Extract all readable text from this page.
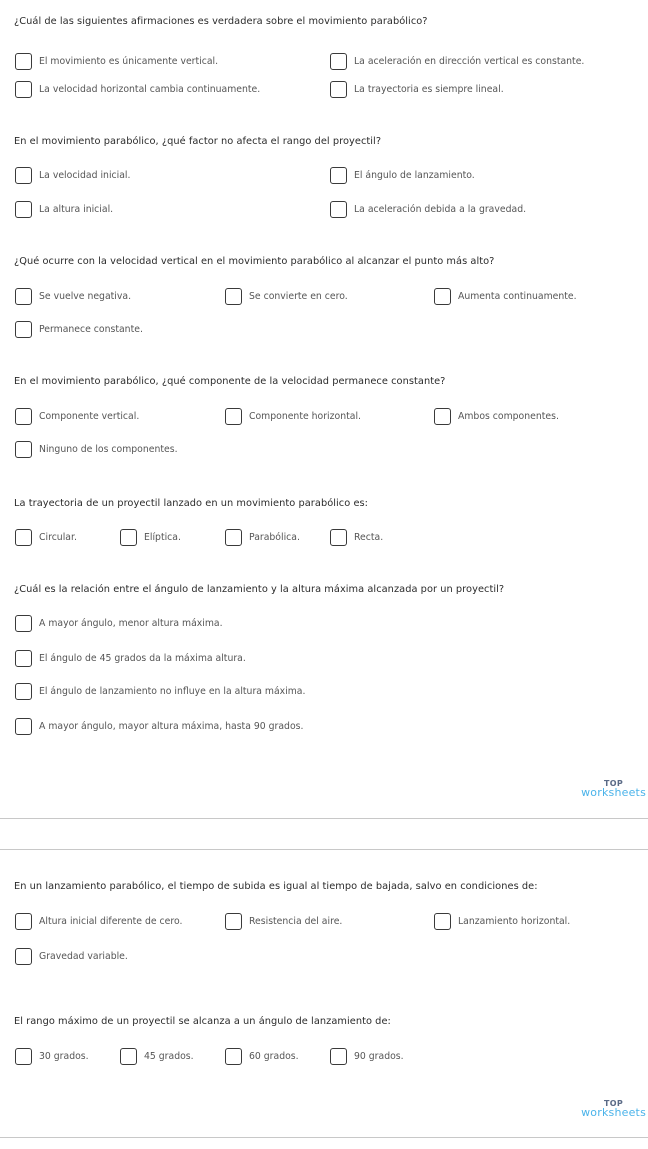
¿Cuál de las siguientes afirmaciones es verdadera sobre el movimiento parabólico?
El movimiento es únicamente vertical.	La aceleración en dirección vertical es constante.
La velocidad horizontal cambia continuamente.	La trayectoria es siempre lineal.
En el movimiento parabólico, ¿qué factor no afecta el rango del proyectil?
La velocidad inicial.	El ángulo de lanzamiento.
La altura inicial.	La aceleración debida a la gravedad.
¿Qué ocurre con la velocidad vertical en el movimiento parabólico al alcanzar el punto más alto?
Se vuelve negativa.	Se convierte en cero.	Aumenta continuamente.
Permanece constante.
En el movimiento parabólico, ¿qué componente de la velocidad permanece constante?
Componente vertical.	Componente horizontal.	Ambos componentes.
Ninguno de los componentes.
La trayectoria de un proyectil lanzado en un movimiento parabólico es:
Circular.	Elíptica.	Parabólica.	Recta.
¿Cuál es la relación entre el ángulo de lanzamiento y la altura máxima alcanzada por un proyectil?
A mayor ángulo, menor altura máxima.
El ángulo de 45 grados da la máxima altura.
El ángulo de lanzamiento no influye en la altura máxima.
A mayor ángulo, mayor altura máxima, hasta 90 grados.
TOP
worksheets
En un lanzamiento parabólico, el tiempo de subida es igual al tiempo de bajada, salvo en condiciones de:
Altura inicial diferente de cero.	Resistencia del aire.	Lanzamiento horizontal.
Gravedad variable.
El rango máximo de un proyectil se alcanza a un ángulo de lanzamiento de:
30 grados.	45 grados.	60 grados.	90 grados.
TOP
worksheets
